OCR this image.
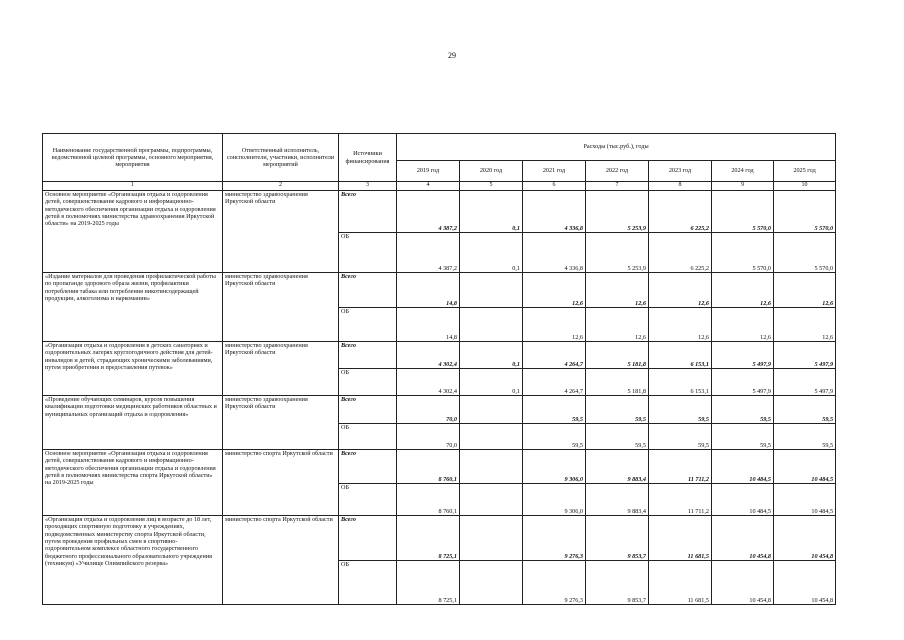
29
Наименование государственной программы, подпрограммы, ведомственной целевой программы, основного мероприятия, мероприятия	Ответственный исполнитель, соисполнители, участники, исполнители мероприятий	Источники финансирования	Расходы (тыс.руб.), годы						
			2019 год	2020 год	2021 год	2022 год	2023 год	2024 год	2025 год
1	2	3	4	5	6	7	8	9	10
Основное мероприятие «Организация отдыха и оздоровления детей, совершенствование кадрового и информационно-методического обеспечения организации отдыха и оздоровления детей в полномочиях министерства здравоохранения Иркутской области» на 2019-2025 годы	министерство здравоохранения Иркутской области	Всего	4 387,2	0,1	4 336,8	5 253,9	6 225,2	5 570,0	5 570,0
		ОБ	4 387,2	0,1	4 336,8	5 253,9	6 225,2	5 570,0	5 570,0
«Издание материалов для проведения профилактической работы по пропаганде здорового образа жизни, профилактики потребления табака или потребления никотинсодержащей продукции, алкоголизма и наркомании»	министерство здравоохранения Иркутской области	Всего	14,8		12,6	12,6	12,6	12,6	12,6
		ОБ	14,8		12,6	12,6	12,6	12,6	12,6
«Организация отдыха и оздоровления в детских санаториях и оздоровительных лагерях круглогодичного действия для детей-инвалидов и детей, страдающих хроническими заболеваниями, путем приобретения и предоставления путевок»	министерство здравоохранения Иркутской области	Всего	4 302,4	0,1	4 264,7	5 181,8	6 153,1	5 497,9	5 497,9
		ОБ	4 302,4	0,1	4 264,7	5 181,8	6 153,1	5 497,9	5 497,9
«Проведение обучающих семинаров, курсов повышения квалификации подготовки медицинских работников областных и муниципальных организаций отдыха и оздоровления»	министерство здравоохранения Иркутской области	Всего	70,0		59,5	59,5	59,5	59,5	59,5
		ОБ	70,0		59,5	59,5	59,5	59,5	59,5
Основное мероприятие «Организация отдыха и оздоровления детей, совершенствование кадрового и информационно-методического обеспечения организации отдыха и оздоровления детей в полномочиях министерства спорта Иркутской области» на 2019-2025 годы	министерство спорта Иркутской области	Всего	8 760,1		9 306,0	9 883,4	11 711,2	10 484,5	10 484,5
		ОБ	8 760,1		9 306,0	9 883,4	11 711,2	10 484,5	10 484,5
«Организация отдыха и оздоровления лиц в возрасте до 18 лет, проходящих спортивную подготовку в учреждениях, подведомственных министерству спорта Иркутской области, путем проведения профильных смен в спортивно-оздоровительном комплексе областного государственного бюджетного профессионального образовательного учреждения (техникум) «Училище Олимпийского резерва»	министерство спорта Иркутской области	Всего	8 725,1		9 276,3	9 853,7	11 681,5	10 454,8	10 454,8
		ОБ	8 725,1		9 276,3	9 853,7	11 681,5	10 454,8	10 454,8
